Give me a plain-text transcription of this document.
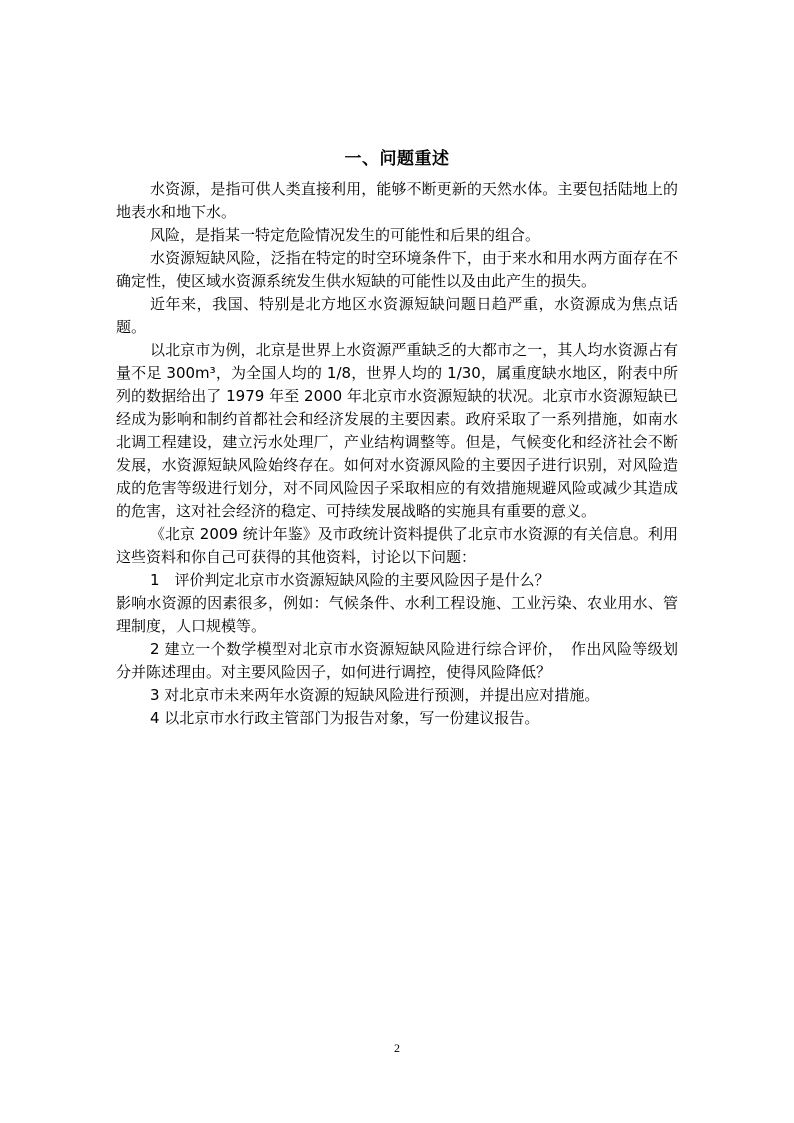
一、问题重述

水资源，是指可供人类直接利用，能够不断更新的天然水体。主要包括陆地上的地表水和地下水。

风险，是指某一特定危险情况发生的可能性和后果的组合。

水资源短缺风险，泛指在特定的时空环境条件下，由于来水和用水两方面存在不确定性，使区域水资源系统发生供水短缺的可能性以及由此产生的损失。

近年来，我国、特别是北方地区水资源短缺问题日趋严重，水资源成为焦点话题。

以北京市为例，北京是世界上水资源严重缺乏的大都市之一，其人均水资源占有量不足 300m³，为全国人均的 1/8，世界人均的 1/30，属重度缺水地区，附表中所列的数据给出了 1979 年至 2000 年北京市水资源短缺的状况。北京市水资源短缺已经成为影响和制约首都社会和经济发展的主要因素。政府采取了一系列措施，如南水北调工程建设，建立污水处理厂，产业结构调整等。但是，气候变化和经济社会不断发展，水资源短缺风险始终存在。如何对水资源风险的主要因子进行识别，对风险造成的危害等级进行划分，对不同风险因子采取相应的有效措施规避风险或减少其造成的危害，这对社会经济的稳定、可持续发展战略的实施具有重要的意义。

《北京 2009 统计年鉴》及市政统计资料提供了北京市水资源的有关信息。利用这些资料和你自己可获得的其他资料，讨论以下问题：

1　评价判定北京市水资源短缺风险的主要风险因子是什么？

影响水资源的因素很多，例如：气候条件、水利工程设施、工业污染、农业用水、管理制度，人口规模等。

2 建立一个数学模型对北京市水资源短缺风险进行综合评价，　作出风险等级划分并陈述理由。对主要风险因子，如何进行调控，使得风险降低？

3 对北京市未来两年水资源的短缺风险进行预测，并提出应对措施。

4 以北京市水行政主管部门为报告对象，写一份建议报告。

2
